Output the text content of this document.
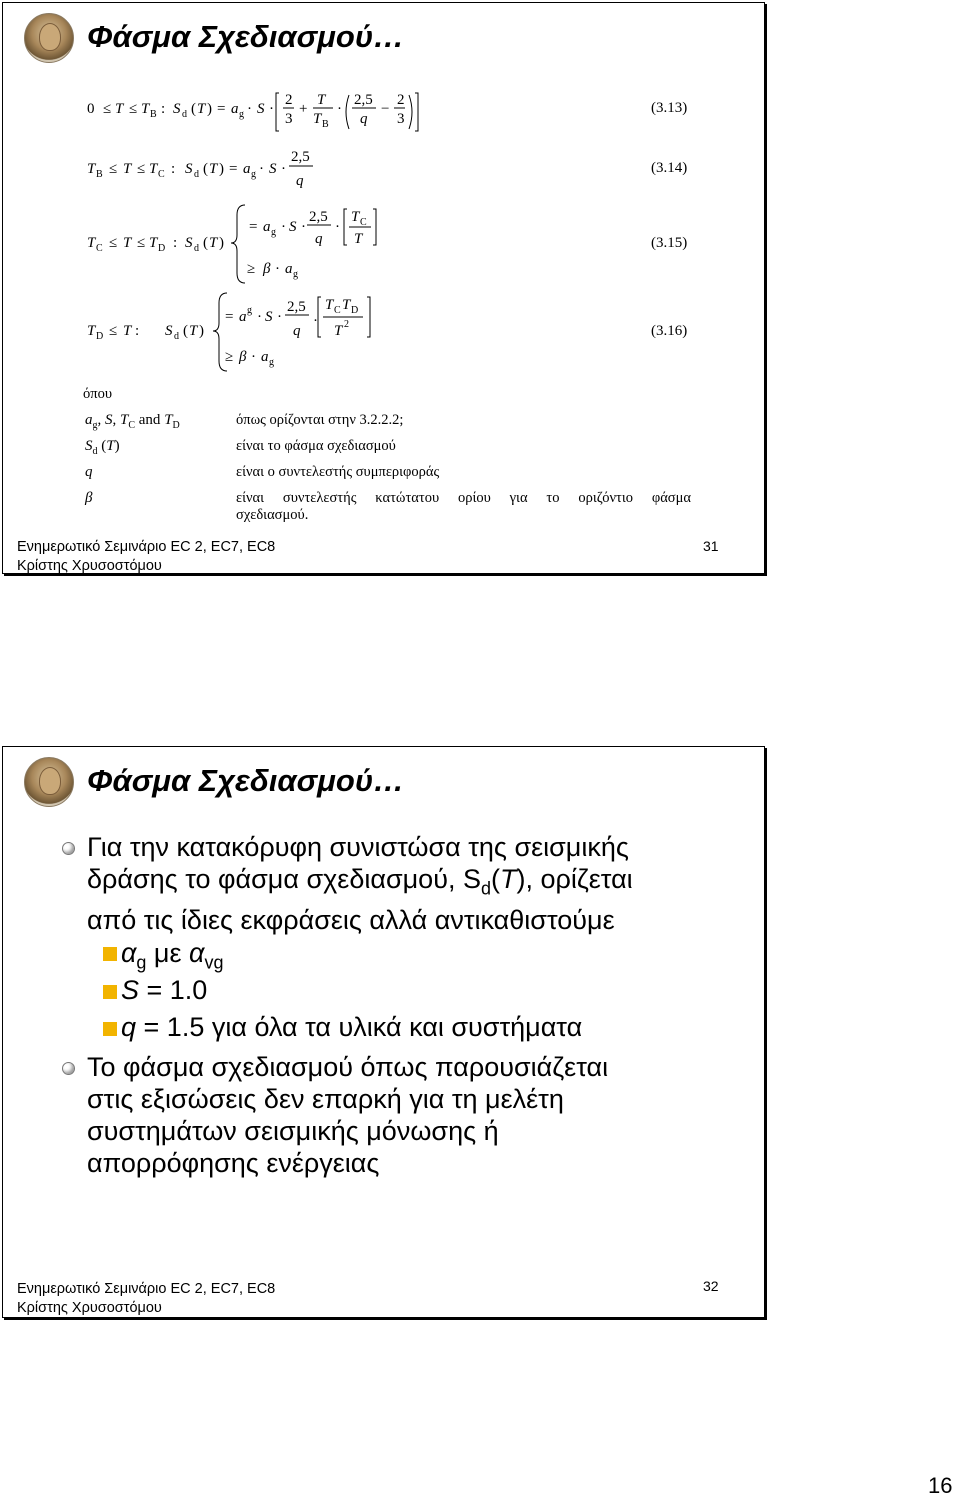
Φάσμα Σχεδιασμού…
0 ≤ T ≤ T B : S d ( T ) = a g · S ·
2
3
+
T
T B
·
2,5
q
−
2
3
(3.13)
T B ≤ T ≤ T C : S d ( T ) = a g · S ·
2,5
q
(3.14)
T C ≤ T ≤ T D : S d ( T )
= a g · S ·
2,5
q
·
T C
T
≥ β · a g
(3.15)
T D ≤ T : S d ( T )
= a g · S ·
2,5
q
·
T C T D
T 2
≥ β · a g
(3.16)
όπου
$a_g$, S, $T_C$ and $T_D$	όπως ορίζονται στην 3.2.2.2;
$S_d$ (T)	είναι το φάσμα σχεδιασμού
q	είναι ο συντελεστής συμπεριφοράς
β	είναι συντελεστής κατώτατου ορίου για το οριζόντιο φάσμα
σχεδιασμού.
Ενημερωτικό Σεμινάριο EC 2, EC7, EC8
Κρίστης Χρυσοστόμου
31
Φάσμα Σχεδιασμού…
Για την κατακόρυφη συνιστώσα της σεισμικής
δράσης το φάσμα σχεδιασμού, $S_d(T)$, ορίζεται
από τις ίδιες εκφράσεις αλλά αντικαθιστούμε
$\alpha_g$ με $\alpha_{vg}$
S = 1.0
q = 1.5 για όλα τα υλικά και συστήματα
Το φάσμα σχεδιασμού όπως παρουσιάζεται
στις εξισώσεις δεν επαρκή για τη μελέτη
συστημάτων σεισμικής μόνωσης ή
απορρόφησης ενέργειας
Ενημερωτικό Σεμινάριο EC 2, EC7, EC8
Κρίστης Χρυσοστόμου
32
16
